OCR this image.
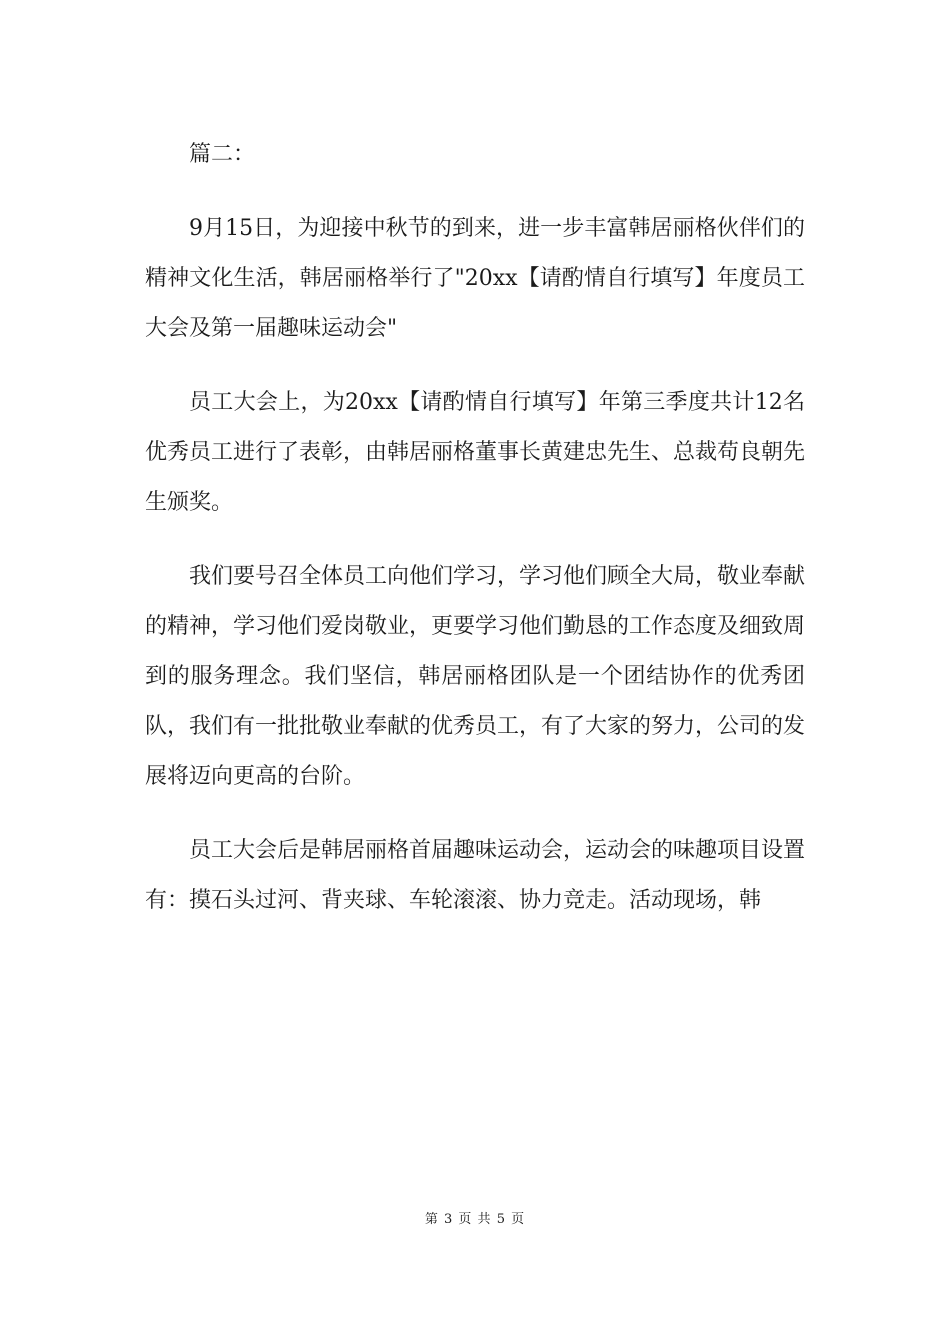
篇二：

9月15日，为迎接中秋节的到来，进一步丰富韩居丽格伙伴们的精神文化生活，韩居丽格举行了"20xx【请酌情自行填写】年度员工大会及第一届趣味运动会"

员工大会上，为20xx【请酌情自行填写】年第三季度共计12名优秀员工进行了表彰，由韩居丽格董事长黄建忠先生、总裁苟良朝先生颁奖。

我们要号召全体员工向他们学习，学习他们顾全大局，敬业奉献的精神，学习他们爱岗敬业，更要学习他们勤恳的工作态度及细致周到的服务理念。我们坚信，韩居丽格团队是一个团结协作的优秀团队，我们有一批批敬业奉献的优秀员工，有了大家的努力，公司的发展将迈向更高的台阶。

员工大会后是韩居丽格首届趣味运动会，运动会的味趣项目设置有：摸石头过河、背夹球、车轮滚滚、协力竞走。活动现场，韩

第 3 页 共 5 页
